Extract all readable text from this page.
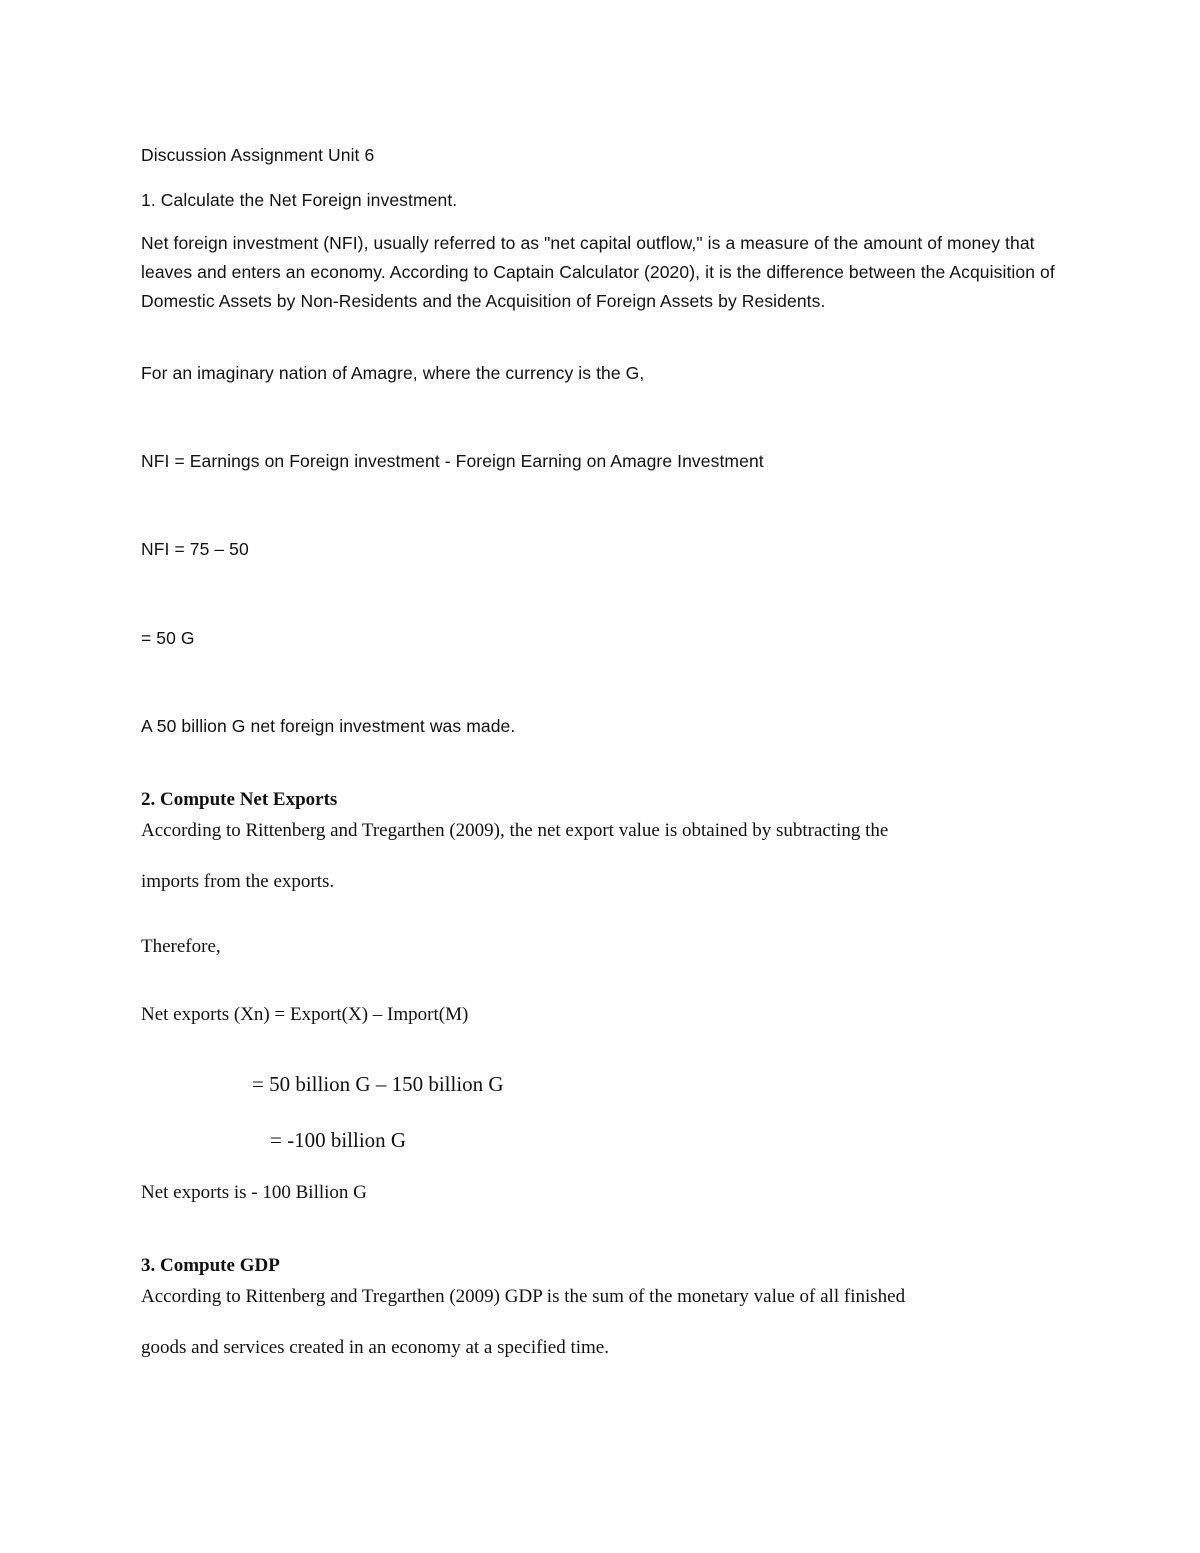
Discussion Assignment Unit 6

1. Calculate the Net Foreign investment.

Net foreign investment (NFI), usually referred to as "net capital outflow," is a measure of the amount of money that leaves and enters an economy. According to Captain Calculator (2020), it is the difference between the Acquisition of Domestic Assets by Non-Residents and the Acquisition of Foreign Assets by Residents.

For an imaginary nation of Amagre, where the currency is the G,

NFI = Earnings on Foreign investment - Foreign Earning on Amagre Investment

NFI = 75 – 50

= 50 G

A 50 billion G net foreign investment was made.

2. Compute Net Exports

According to Rittenberg and Tregarthen (2009), the net export value is obtained by subtracting the

imports from the exports.

Therefore,

Net exports (Xn) = Export(X) – Import(M)

= 50 billion G – 150 billion G

= -100 billion G

Net exports is - 100 Billion G

3. Compute GDP

According to Rittenberg and Tregarthen (2009) GDP is the sum of the monetary value of all finished

goods and services created in an economy at a specified time.
